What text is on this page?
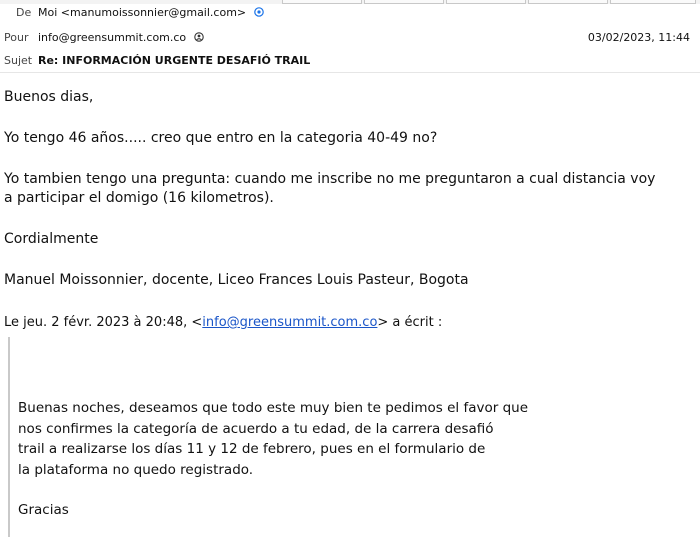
De Moi <manumoissonnier@gmail.com>
Pour info@greensummit.com.co	03/02/2023, 11:44
Sujet Re: INFORMACIÓN URGENTE DESAFIÓ TRAIL

Buenos dias,

Yo tengo 46 años..... creo que entro en la categoria 40-49 no?

Yo tambien tengo una pregunta: cuando me inscribe no me preguntaron a cual distancia voy

a participar el domigo (16 kilometros).

Cordialmente

Manuel Moissonnier, docente, Liceo Frances Louis Pasteur, Bogota

Le jeu. 2 févr. 2023 à 20:48, <info@greensummit.com.co> a écrit :
Buenas noches, deseamos que todo este muy bien te pedimos el favor que
nos confirmes la categoría de acuerdo a tu edad, de la carrera desafió
trail a realizarse los días 11 y 12 de febrero, pues en el formulario de
la plataforma no quedo registrado.
Gracias
